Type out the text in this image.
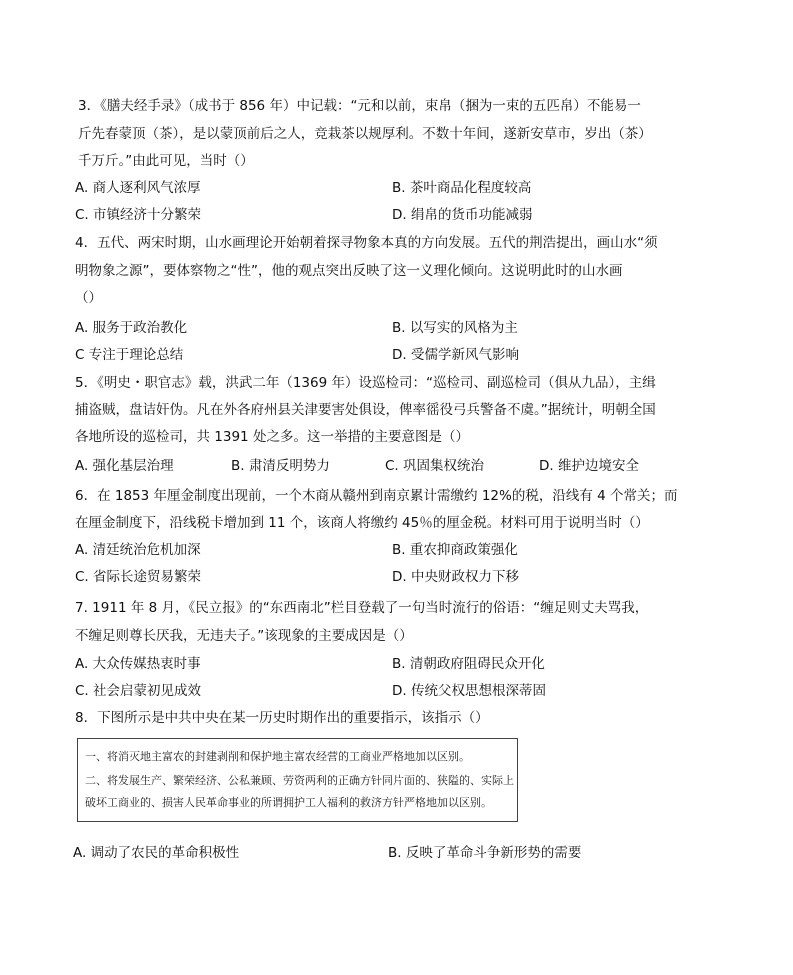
3．《膳夫经手录》（成书于 856 年）中记载：“元和以前，束帛（捆为一束的五匹帛）不能易一
斤先春蒙顶（茶），是以蒙顶前后之人，竞栽茶以规厚利。不数十年间，遂新安草市，岁出（茶）
千万斤。”由此可见，当时（）
A. 商人逐利风气浓厚	B. 茶叶商品化程度较高
C. 市镇经济十分繁荣	D. 绢帛的货币功能减弱
4．五代、两宋时期，山水画理论开始朝着探寻物象本真的方向发展。五代的荆浩提出，画山水“须
明物象之源”，要体察物之“性”，他的观点突出反映了这一义理化倾向。这说明此时的山水画
（）
A. 服务于政治教化	B. 以写实的风格为主
C 专注于理论总结	D. 受儒学新风气影响
5．《明史・职官志》载，洪武二年（1369 年）设巡检司：“巡检司、副巡检司（俱从九品），主缉
捕盗贼，盘诘奸伪。凡在外各府州县关津要害处俱设，俾率徭役弓兵警备不虞。”据统计，明朝全国
各地所设的巡检司，共 1391 处之多。这一举措的主要意图是（）
A. 强化基层治理	B. 肃清反明势力	C. 巩固集权统治	D. 维护边境安全
6．在 1853 年厘金制度出现前，一个木商从赣州到南京累计需缴约 12%的税，沿线有 4 个常关；而
在厘金制度下，沿线税卡增加到 11 个，该商人将缴约 45％的厘金税。材料可用于说明当时（）
A. 清廷统治危机加深	B. 重农抑商政策强化
C. 省际长途贸易繁荣	D. 中央财政权力下移
7. 1911 年 8 月，《民立报》的“东西南北”栏目登载了一句当时流行的俗语：“缠足则丈夫骂我，
不缠足则尊长厌我，无违夫子。”该现象的主要成因是（）
A. 大众传媒热衷时事	B. 清朝政府阻碍民众开化
C. 社会启蒙初见成效	D. 传统父权思想根深蒂固
8．下图所示是中共中央在某一历史时期作出的重要指示，该指示（）
一、将消灭地主富农的封建剥削和保护地主富农经营的工商业严格地加以区别。
二、将发展生产、繁荣经济、公私兼顾、劳资两利的正确方针同片面的、狭隘的、实际上
破坏工商业的、损害人民革命事业的所谓拥护工人福利的救济方针严格地加以区别。
A. 调动了农民的革命积极性	B. 反映了革命斗争新形势的需要
